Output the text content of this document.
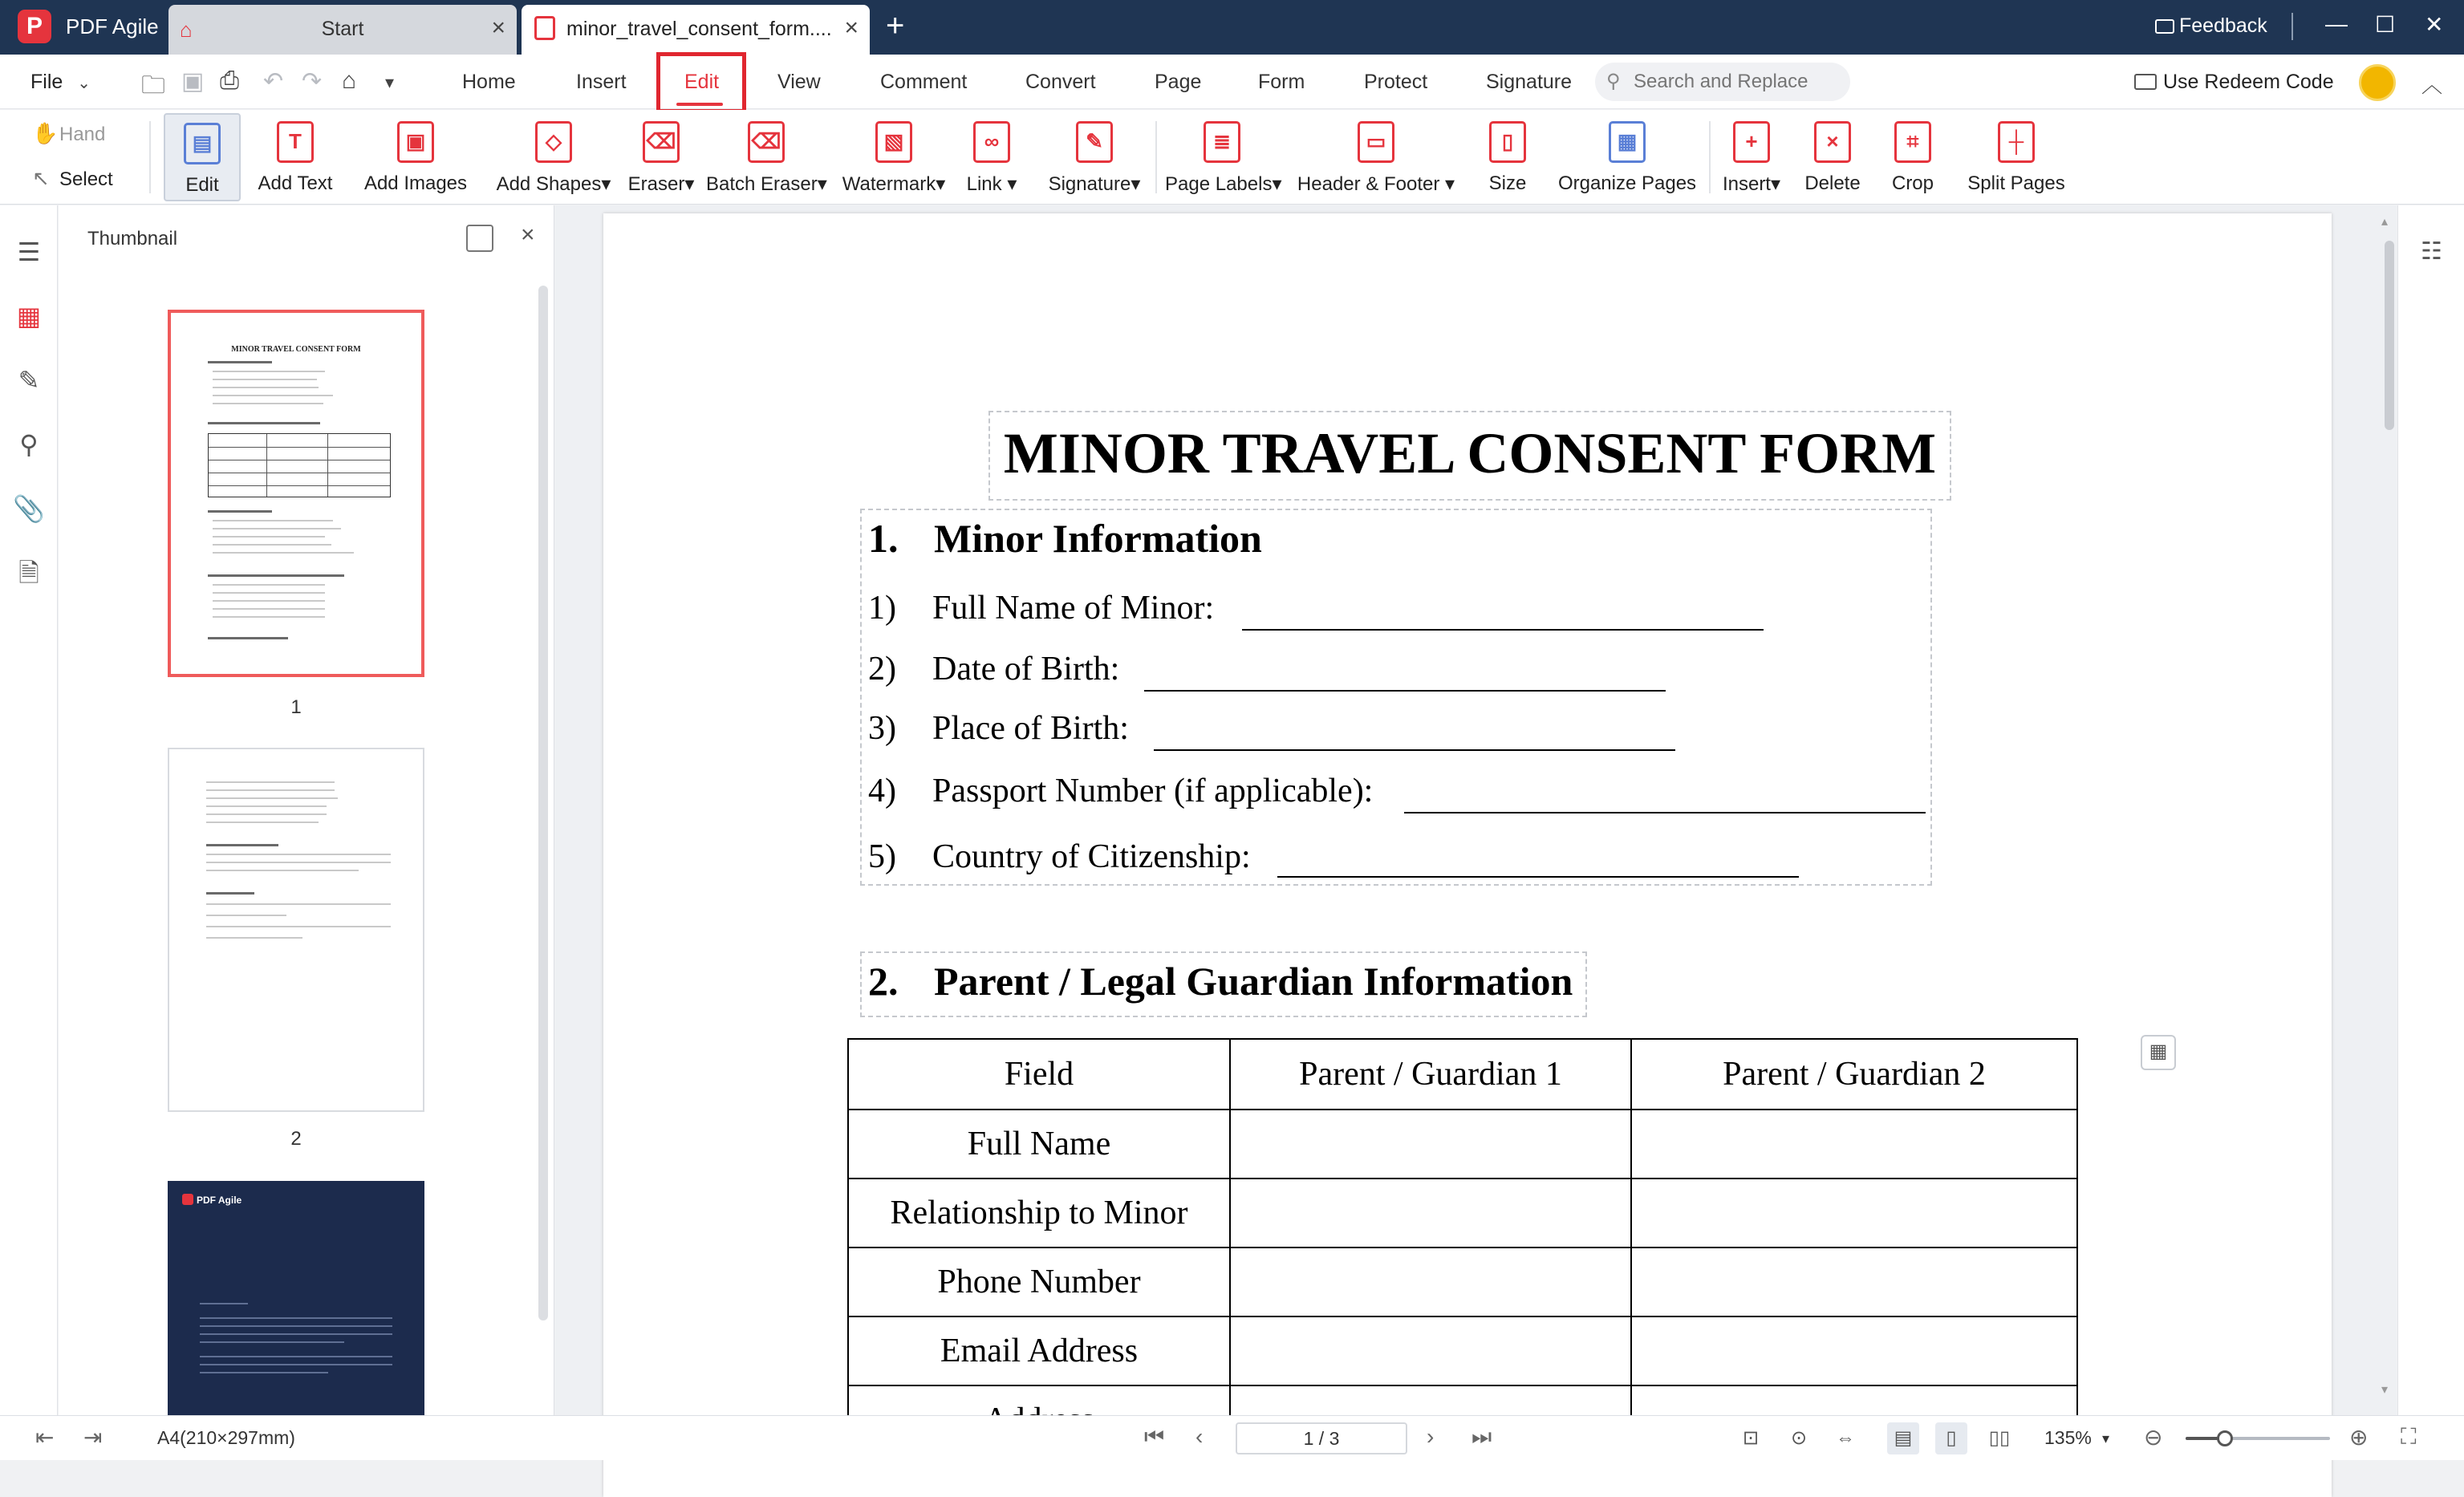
P	PDF Agile ⌂	Start	×	minor_travel_consent_form.... × +	Feedback	— ☐ ✕
File ⌄ 🗀 ▣ ⎙ ↶ ↷ ⌂ ▾	Home	Insert	Edit	View	Comment	Convert	Page	Form	Protect	Signature ⚲
Search and Replace	Use Redeem Code	︿
✋Hand
↖ Select
▤
Edit
T
Add Text
▣
Add Images
◇
Add Shapes▾
⌫
Eraser▾
⌫
Batch Eraser▾
▧
Watermark▾
∞
Link ▾
✎
Signature▾
≣
Page Labels▾
▭
Header & Footer ▾
▯
Size
▦
Organize Pages
+
Insert▾
×
Delete
⌗
Crop
┼
Split Pages
☰
▦
✎
⚲
📎
🗎
Thumbnail	×
MINOR TRAVEL CONSENT FORM
1
2
PDF Agile
MINOR TRAVEL CONSENT FORM
1. Minor Information
1) Full Name of Minor:
2) Date of Birth:
3) Place of Birth:
4) Passport Number (if applicable):
5) Country of Citizenship:
2. Parent / Legal Guardian Information
Field	Parent / Guardian 1	Parent / Guardian 2
Full Name		
Relationship to Minor		
Phone Number		
Email Address		

▦
▴
▾
☷
⇤ ⇥	A4(210×297mm)	⏮ ‹	1 / 3	› ⏭	⊡	⊙	⇔	▤	▯	▯▯ 135% ▾ ⊖	⊕ ⛶
